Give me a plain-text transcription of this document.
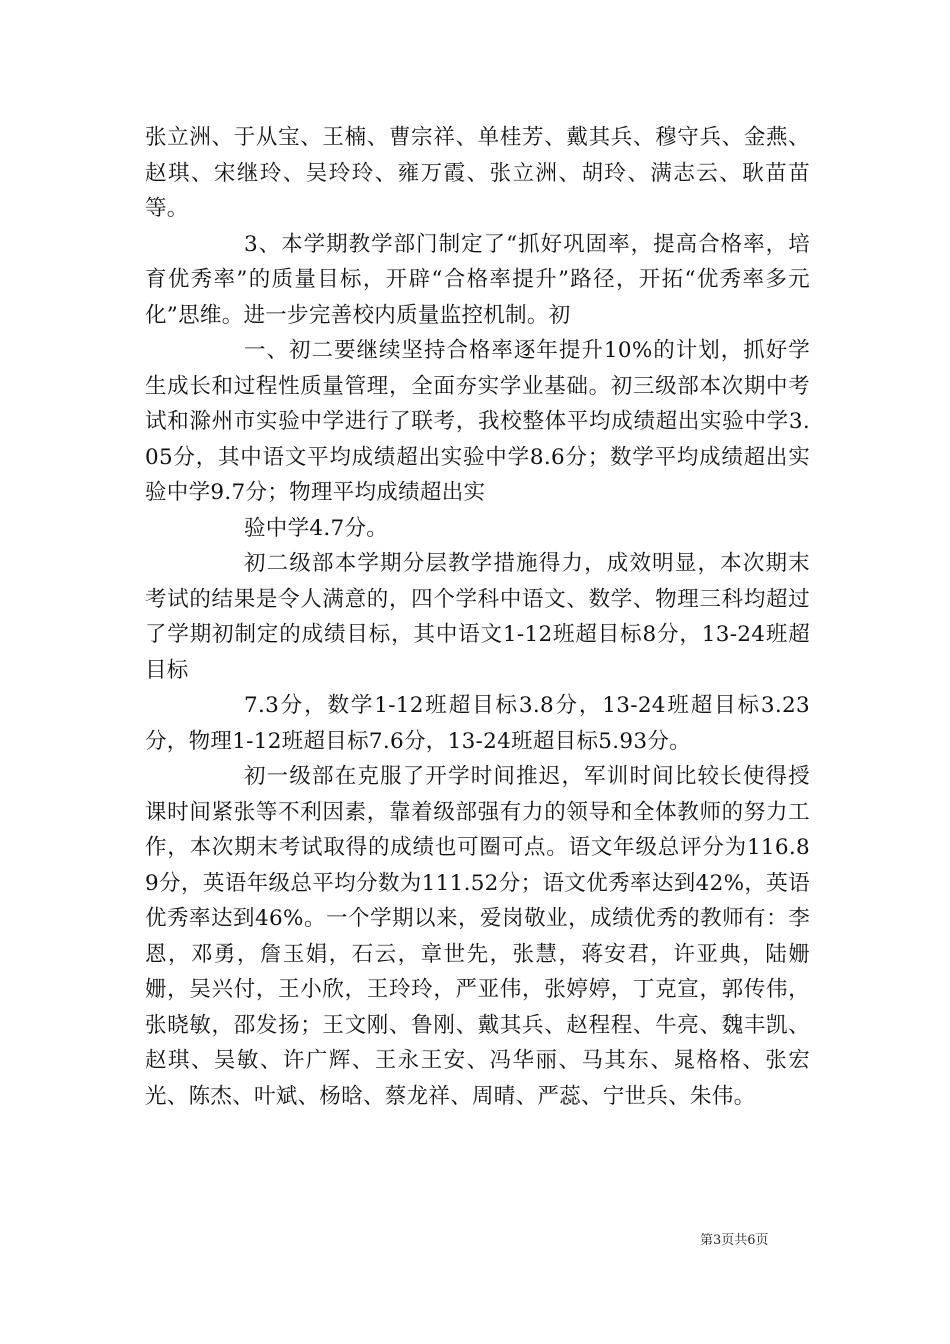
张立洲、于从宝、王楠、曹宗祥、单桂芳、戴其兵、穆守兵、金燕、赵琪、宋继玲、吴玲玲、雍万霞、张立洲、胡玲、满志云、耿苗苗等。

3、本学期教学部门制定了“抓好巩固率，提高合格率，培育优秀率”的质量目标，开辟“合格率提升”路径，开拓“优秀率多元化”思维。进一步完善校内质量监控机制。初

一、初二要继续坚持合格率逐年提升10%的计划，抓好学生成长和过程性质量管理，全面夯实学业基础。初三级部本次期中考试和滁州市实验中学进行了联考，我校整体平均成绩超出实验中学3.05分，其中语文平均成绩超出实验中学8.6分；数学平均成绩超出实验中学9.7分；物理平均成绩超出实

验中学4.7分。

初二级部本学期分层教学措施得力，成效明显，本次期末考试的结果是令人满意的，四个学科中语文、数学、物理三科均超过了学期初制定的成绩目标，其中语文1-12班超目标8分，13-24班超目标

7.3分，数学1-12班超目标3.8分，13-24班超目标3.23分，物理1-12班超目标7.6分，13-24班超目标5.93分。

初一级部在克服了开学时间推迟，军训时间比较长使得授课时间紧张等不利因素，靠着级部强有力的领导和全体教师的努力工作，本次期末考试取得的成绩也可圈可点。语文年级总评分为116.89分，英语年级总平均分数为111.52分；语文优秀率达到42%，英语优秀率达到46%。一个学期以来，爱岗敬业，成绩优秀的教师有：李恩，邓勇，詹玉娟，石云，章世先，张慧，蒋安君，许亚典，陆姗姗，吴兴付，王小欣，王玲玲，严亚伟，张婷婷，丁克宣，郭传伟，张晓敏，邵发扬；王文刚、鲁刚、戴其兵、赵程程、牛亮、魏丰凯、赵琪、吴敏、许广辉、王永王安、冯华丽、马其东、晁格格、张宏光、陈杰、叶斌、杨晗、蔡龙祥、周晴、严蕊、宁世兵、朱伟。

第3页共6页
